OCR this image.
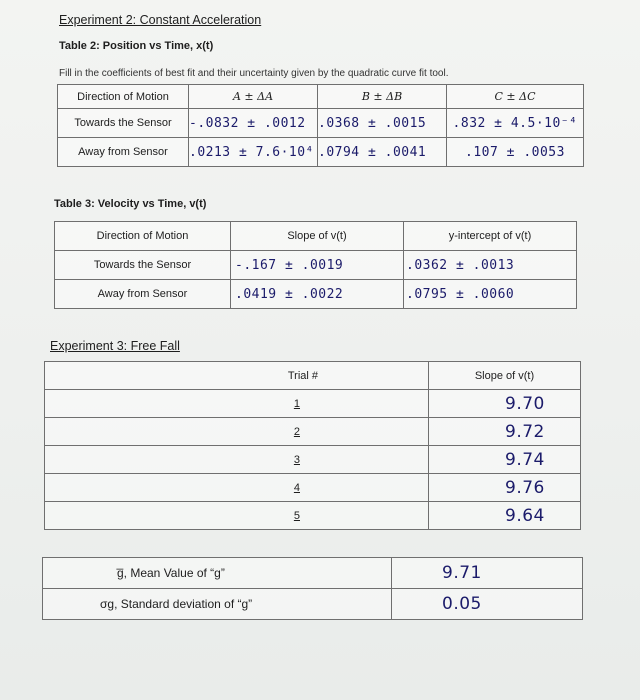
Experiment 2: Constant Acceleration
Table 2: Position vs Time, x(t)
Fill in the coefficients of best fit and their uncertainty given by the quadratic curve fit tool.
Direction of Motion	A ± ΔA	B ± ΔB	C ± ΔC
Towards the Sensor	-.0832 ± .0012	.0368 ± .0015	.832 ± 4.5·10⁻⁴
Away from Sensor	.0213 ± 7.6·10⁴	.0794 ± .0041	.107 ± .0053
Table 3: Velocity vs Time, v(t)
Direction of Motion	Slope of v(t)	y-intercept of v(t)
Towards the Sensor	-.167 ± .0019	.0362 ± .0013
Away from Sensor	.0419 ± .0022	.0795 ± .0060
Experiment 3: Free Fall
Trial #	Slope of v(t)
1	9.70
2	9.72
3	9.74
4	9.76
5	9.64
g̅, Mean Value of “g”	9.71
σg, Standard deviation of “g”	0.05
